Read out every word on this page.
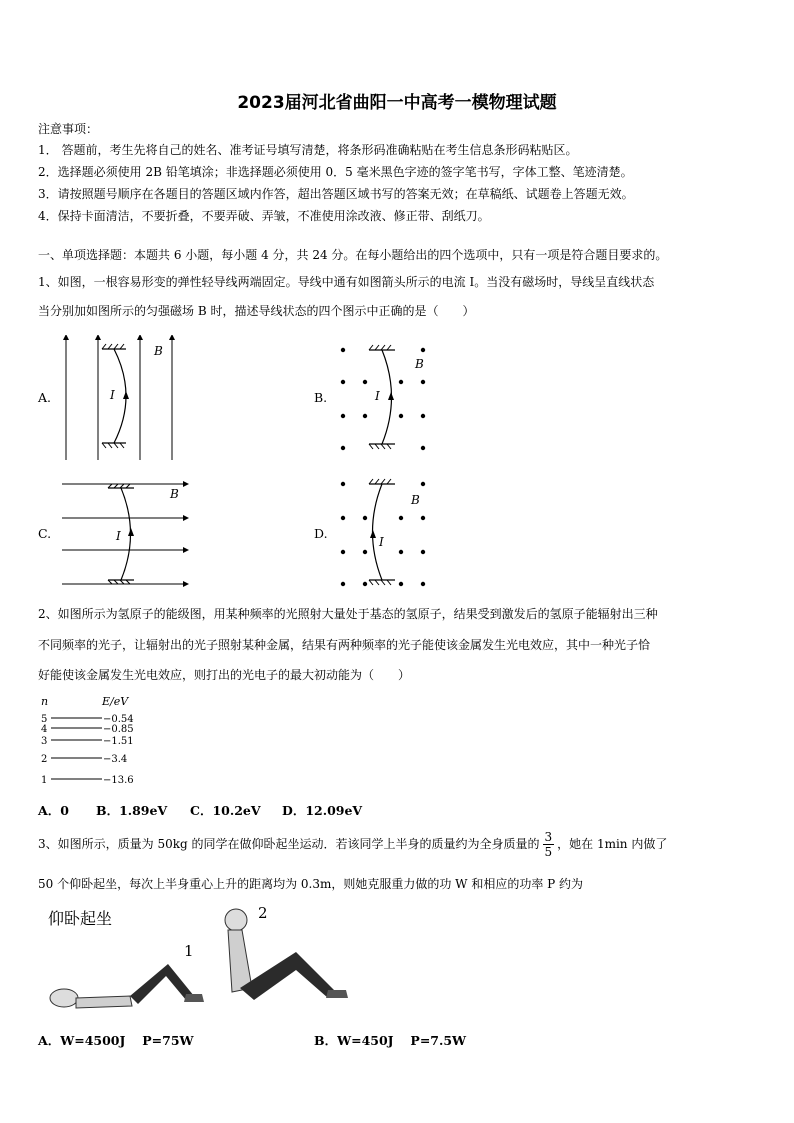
2023届河北省曲阳一中高考一模物理试题
注意事项：
1． 答题前，考生先将自己的姓名、准考证号填写清楚，将条形码准确粘贴在考生信息条形码粘贴区。
2．选择题必须使用 2B 铅笔填涂；非选择题必须使用 0．5 毫米黑色字迹的签字笔书写，字体工整、笔迹清楚。
3．请按照题号顺序在各题目的答题区域内作答，超出答题区域书写的答案无效；在草稿纸、试题卷上答题无效。
4．保持卡面清洁，不要折叠，不要弄破、弄皱，不准使用涂改液、修正带、刮纸刀。
一、单项选择题：本题共 6 小题，每小题 4 分，共 24 分。在每小题给出的四个选项中，只有一项是符合题目要求的。
1、如图，一根容易形变的弹性轻导线两端固定。导线中通有如图箭头所示的电流 I。当没有磁场时，导线呈直线状态
当分别加如图所示的匀强磁场 B 时，描述导线状态的四个图示中正确的是（　　）
A.	B.
C.	D.
I
B
I
B
I
B
I
B
2、如图所示为氢原子的能级图，用某种频率的光照射大量处于基态的氢原子，结果受到激发后的氢原子能辐射出三种
不同频率的光子，让辐射出的光子照射某种金属，结果有两种频率的光子能使该金属发生光电效应，其中一种光子恰
好能使该金属发生光电效应，则打出的光电子的最大初动能为（　　）
n	E/eV
5	−0.54
4	−0.85
3	−1.51
2	−3.4
1	−13.6
A．0 B．1.89eV C．10.2eV D．12.09eV
3、如图所示，质量为 50kg 的同学在做仰卧起坐运动．若该同学上半身的质量约为全身质量的 $\frac{3}{5}$ ，她在 1min 内做了
50 个仰卧起坐，每次上半身重心上升的距离均为 0.3m，则她克服重力做的功 W 和相应的功率 P 约为
仰卧起坐
1
2
A．W=4500J　 P=75W	B．W=450J　 P=7.5W
